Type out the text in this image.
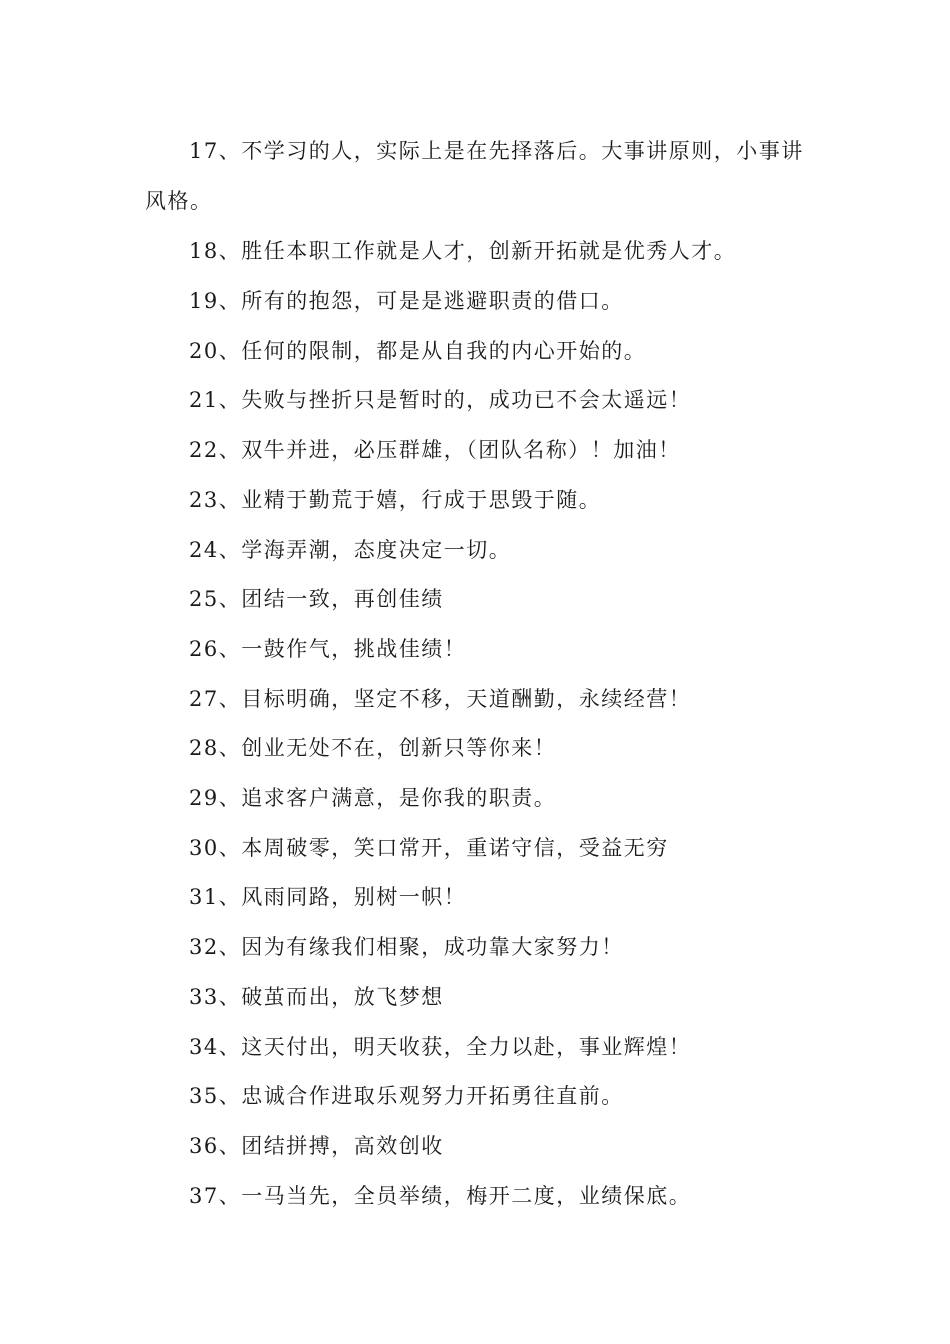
17、不学习的人，实际上是在先择落后。大事讲原则，小事讲风格。

18、胜任本职工作就是人才，创新开拓就是优秀人才。

19、所有的抱怨，可是是逃避职责的借口。

20、任何的限制，都是从自我的内心开始的。

21、失败与挫折只是暂时的，成功已不会太遥远！

22、双牛并进，必压群雄，（团队名称）！加油！

23、业精于勤荒于嬉，行成于思毁于随。

24、学海弄潮，态度决定一切。

25、团结一致，再创佳绩

26、一鼓作气，挑战佳绩！

27、目标明确，坚定不移，天道酬勤，永续经营！

28、创业无处不在，创新只等你来！

29、追求客户满意，是你我的职责。

30、本周破零，笑口常开，重诺守信，受益无穷

31、风雨同路，别树一帜！

32、因为有缘我们相聚，成功靠大家努力！

33、破茧而出，放飞梦想

34、这天付出，明天收获，全力以赴，事业辉煌！

35、忠诚合作进取乐观努力开拓勇往直前。

36、团结拼搏，高效创收

37、一马当先，全员举绩，梅开二度，业绩保底。
